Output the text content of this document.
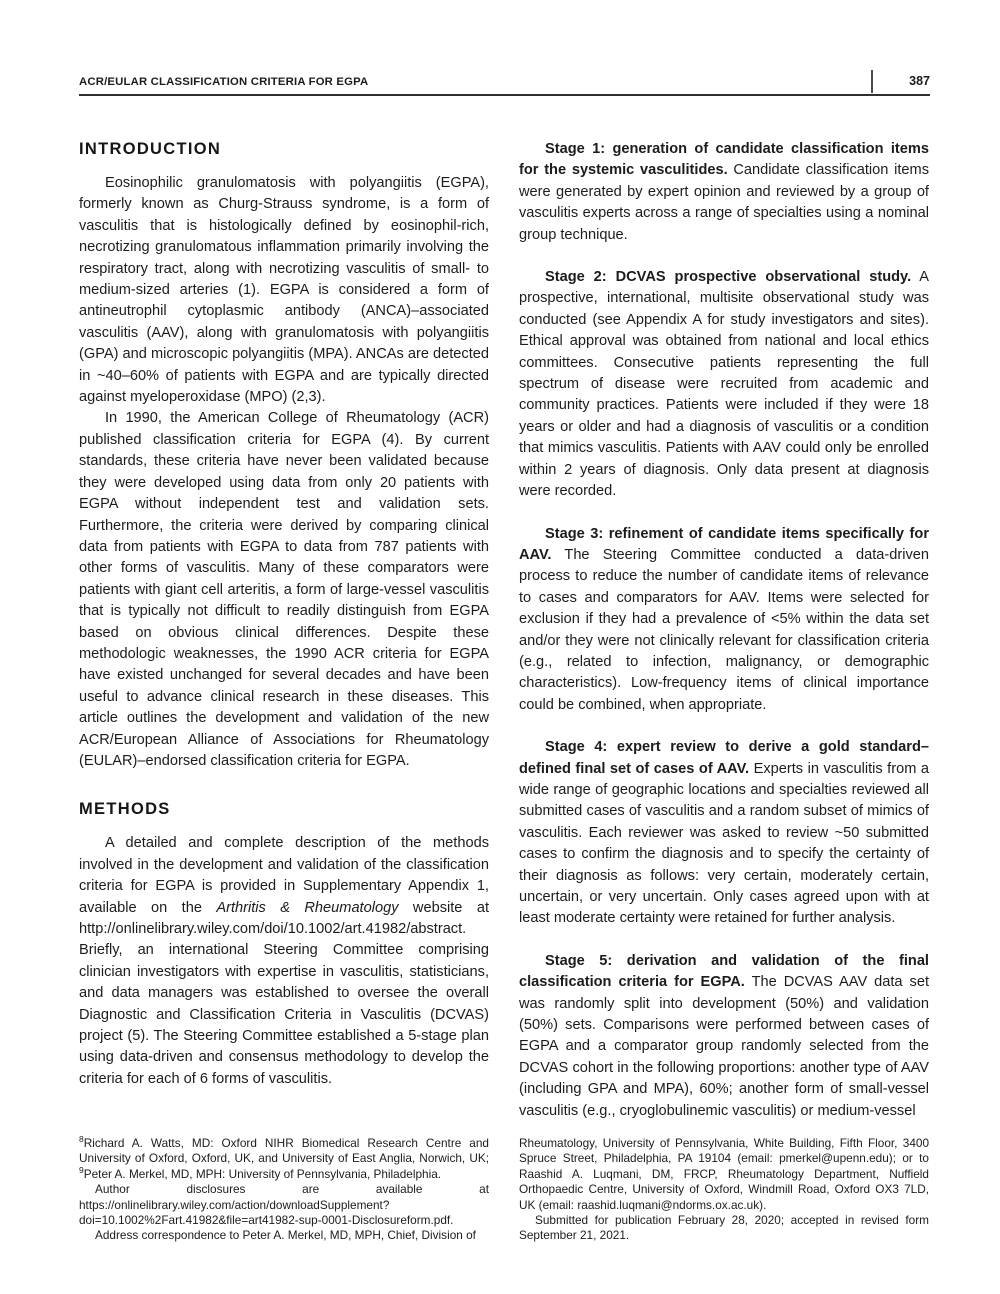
ACR/EULAR CLASSIFICATION CRITERIA FOR EGPA	387
INTRODUCTION

Eosinophilic granulomatosis with polyangiitis (EGPA), formerly known as Churg-Strauss syndrome, is a form of vasculitis that is histologically defined by eosinophil-rich, necrotizing granulomatous inflammation primarily involving the respiratory tract, along with necrotizing vasculitis of small- to medium-sized arteries (1). EGPA is considered a form of antineutrophil cytoplasmic antibody (ANCA)–associated vasculitis (AAV), along with granulomatosis with polyangiitis (GPA) and microscopic polyangiitis (MPA). ANCAs are detected in ~40–60% of patients with EGPA and are typically directed against myeloperoxidase (MPO) (2,3).

In 1990, the American College of Rheumatology (ACR) published classification criteria for EGPA (4). By current standards, these criteria have never been validated because they were developed using data from only 20 patients with EGPA without independent test and validation sets. Furthermore, the criteria were derived by comparing clinical data from patients with EGPA to data from 787 patients with other forms of vasculitis. Many of these comparators were patients with giant cell arteritis, a form of large-vessel vasculitis that is typically not difficult to readily distinguish from EGPA based on obvious clinical differences. Despite these methodologic weaknesses, the 1990 ACR criteria for EGPA have existed unchanged for several decades and have been useful to advance clinical research in these diseases. This article outlines the development and validation of the new ACR/European Alliance of Associations for Rheumatology (EULAR)–endorsed classification criteria for EGPA.

METHODS

A detailed and complete description of the methods involved in the development and validation of the classification criteria for EGPA is provided in Supplementary Appendix 1, available on the Arthritis & Rheumatology website at http://onlinelibrary.wiley.com/doi/10.1002/art.41982/abstract. Briefly, an international Steering Committee comprising clinician investigators with expertise in vasculitis, statisticians, and data managers was established to oversee the overall Diagnostic and Classification Criteria in Vasculitis (DCVAS) project (5). The Steering Committee established a 5-stage plan using data-driven and consensus methodology to develop the criteria for each of 6 forms of vasculitis.

Stage 1: generation of candidate classification items for the systemic vasculitides. Candidate classification items were generated by expert opinion and reviewed by a group of vasculitis experts across a range of specialties using a nominal group technique.

Stage 2: DCVAS prospective observational study. A prospective, international, multisite observational study was conducted (see Appendix A for study investigators and sites). Ethical approval was obtained from national and local ethics committees. Consecutive patients representing the full spectrum of disease were recruited from academic and community practices. Patients were included if they were 18 years or older and had a diagnosis of vasculitis or a condition that mimics vasculitis. Patients with AAV could only be enrolled within 2 years of diagnosis. Only data present at diagnosis were recorded.

Stage 3: refinement of candidate items specifically for AAV. The Steering Committee conducted a data-driven process to reduce the number of candidate items of relevance to cases and comparators for AAV. Items were selected for exclusion if they had a prevalence of <5% within the data set and/or they were not clinically relevant for classification criteria (e.g., related to infection, malignancy, or demographic characteristics). Low-frequency items of clinical importance could be combined, when appropriate.

Stage 4: expert review to derive a gold standard–defined final set of cases of AAV. Experts in vasculitis from a wide range of geographic locations and specialties reviewed all submitted cases of vasculitis and a random subset of mimics of vasculitis. Each reviewer was asked to review ~50 submitted cases to confirm the diagnosis and to specify the certainty of their diagnosis as follows: very certain, moderately certain, uncertain, or very uncertain. Only cases agreed upon with at least moderate certainty were retained for further analysis.

Stage 5: derivation and validation of the final classification criteria for EGPA. The DCVAS AAV data set was randomly split into development (50%) and validation (50%) sets. Comparisons were performed between cases of EGPA and a comparator group randomly selected from the DCVAS cohort in the following proportions: another type of AAV (including GPA and MPA), 60%; another form of small-vessel vasculitis (e.g., cryoglobulinemic vasculitis) or medium-vessel

$^8$Richard A. Watts, MD: Oxford NIHR Biomedical Research Centre and University of Oxford, Oxford, UK, and University of East Anglia, Norwich, UK; $^9$Peter A. Merkel, MD, MPH: University of Pennsylvania, Philadelphia.

Author disclosures are available at https://onlinelibrary.wiley.com/action/downloadSupplement?doi=10.1002%2Fart.41982&file=art41982-sup-0001-Disclosureform.pdf.

Address correspondence to Peter A. Merkel, MD, MPH, Chief, Division of

Rheumatology, University of Pennsylvania, White Building, Fifth Floor, 3400 Spruce Street, Philadelphia, PA 19104 (email: pmerkel@upenn.edu); or to Raashid A. Luqmani, DM, FRCP, Rheumatology Department, Nuffield Orthopaedic Centre, University of Oxford, Windmill Road, Oxford OX3 7LD, UK (email: raashid.luqmani@ndorms.ox.ac.uk).

Submitted for publication February 28, 2020; accepted in revised form September 21, 2021.
